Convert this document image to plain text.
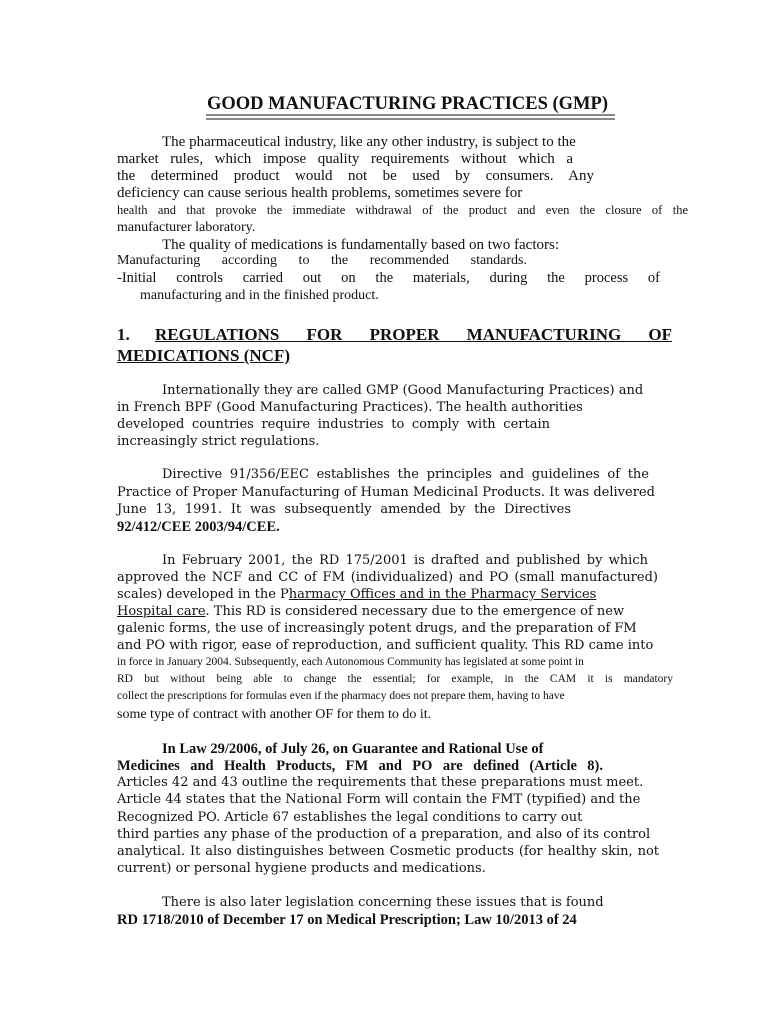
GOOD MANUFACTURING PRACTICES (GMP)
The pharmaceutical industry, like any other industry, is subject to the
market rules, which impose quality requirements without which a
the determined product would not be used by consumers. Any
deficiency can cause serious health problems, sometimes severe for
health and that provoke the immediate withdrawal of the product and even the closure of the
manufacturer laboratory.
The quality of medications is fundamentally based on two factors:
Manufacturing according to the recommended standards.
-Initial controls carried out on the materials, during the process of
manufacturing and in the finished product.
1. REGULATIONS FOR PROPER MANUFACTURING OF
MEDICATIONS (NCF)
Internationally they are called GMP (Good Manufacturing Practices) and
in French BPF (Good Manufacturing Practices). The health authorities
developed countries require industries to comply with certain
increasingly strict regulations.
Directive 91/356/EEC establishes the principles and guidelines of the
Practice of Proper Manufacturing of Human Medicinal Products. It was delivered
June 13, 1991. It was subsequently amended by the Directives
92/412/CEE 2003/94/CEE.
In February 2001, the RD 175/2001 is drafted and published by which
approved the NCF and CC of FM (individualized) and PO (small manufactured)
scales) developed in the Pharmacy Offices and in the Pharmacy Services
Hospital care. This RD is considered necessary due to the emergence of new
galenic forms, the use of increasingly potent drugs, and the preparation of FM
and PO with rigor, ease of reproduction, and sufficient quality. This RD came into
in force in January 2004. Subsequently, each Autonomous Community has legislated at some point in
RD but without being able to change the essential; for example, in the CAM it is mandatory
collect the prescriptions for formulas even if the pharmacy does not prepare them, having to have
some type of contract with another OF for them to do it.
In Law 29/2006, of July 26, on Guarantee and Rational Use of
Medicines and Health Products, FM and PO are defined (Article 8).
Articles 42 and 43 outline the requirements that these preparations must meet.
Article 44 states that the National Form will contain the FMT (typified) and the
Recognized PO. Article 67 establishes the legal conditions to carry out
third parties any phase of the production of a preparation, and also of its control
analytical. It also distinguishes between Cosmetic products (for healthy skin, not
current) or personal hygiene products and medications.
There is also later legislation concerning these issues that is found
RD 1718/2010 of December 17 on Medical Prescription; Law 10/2013 of 24
